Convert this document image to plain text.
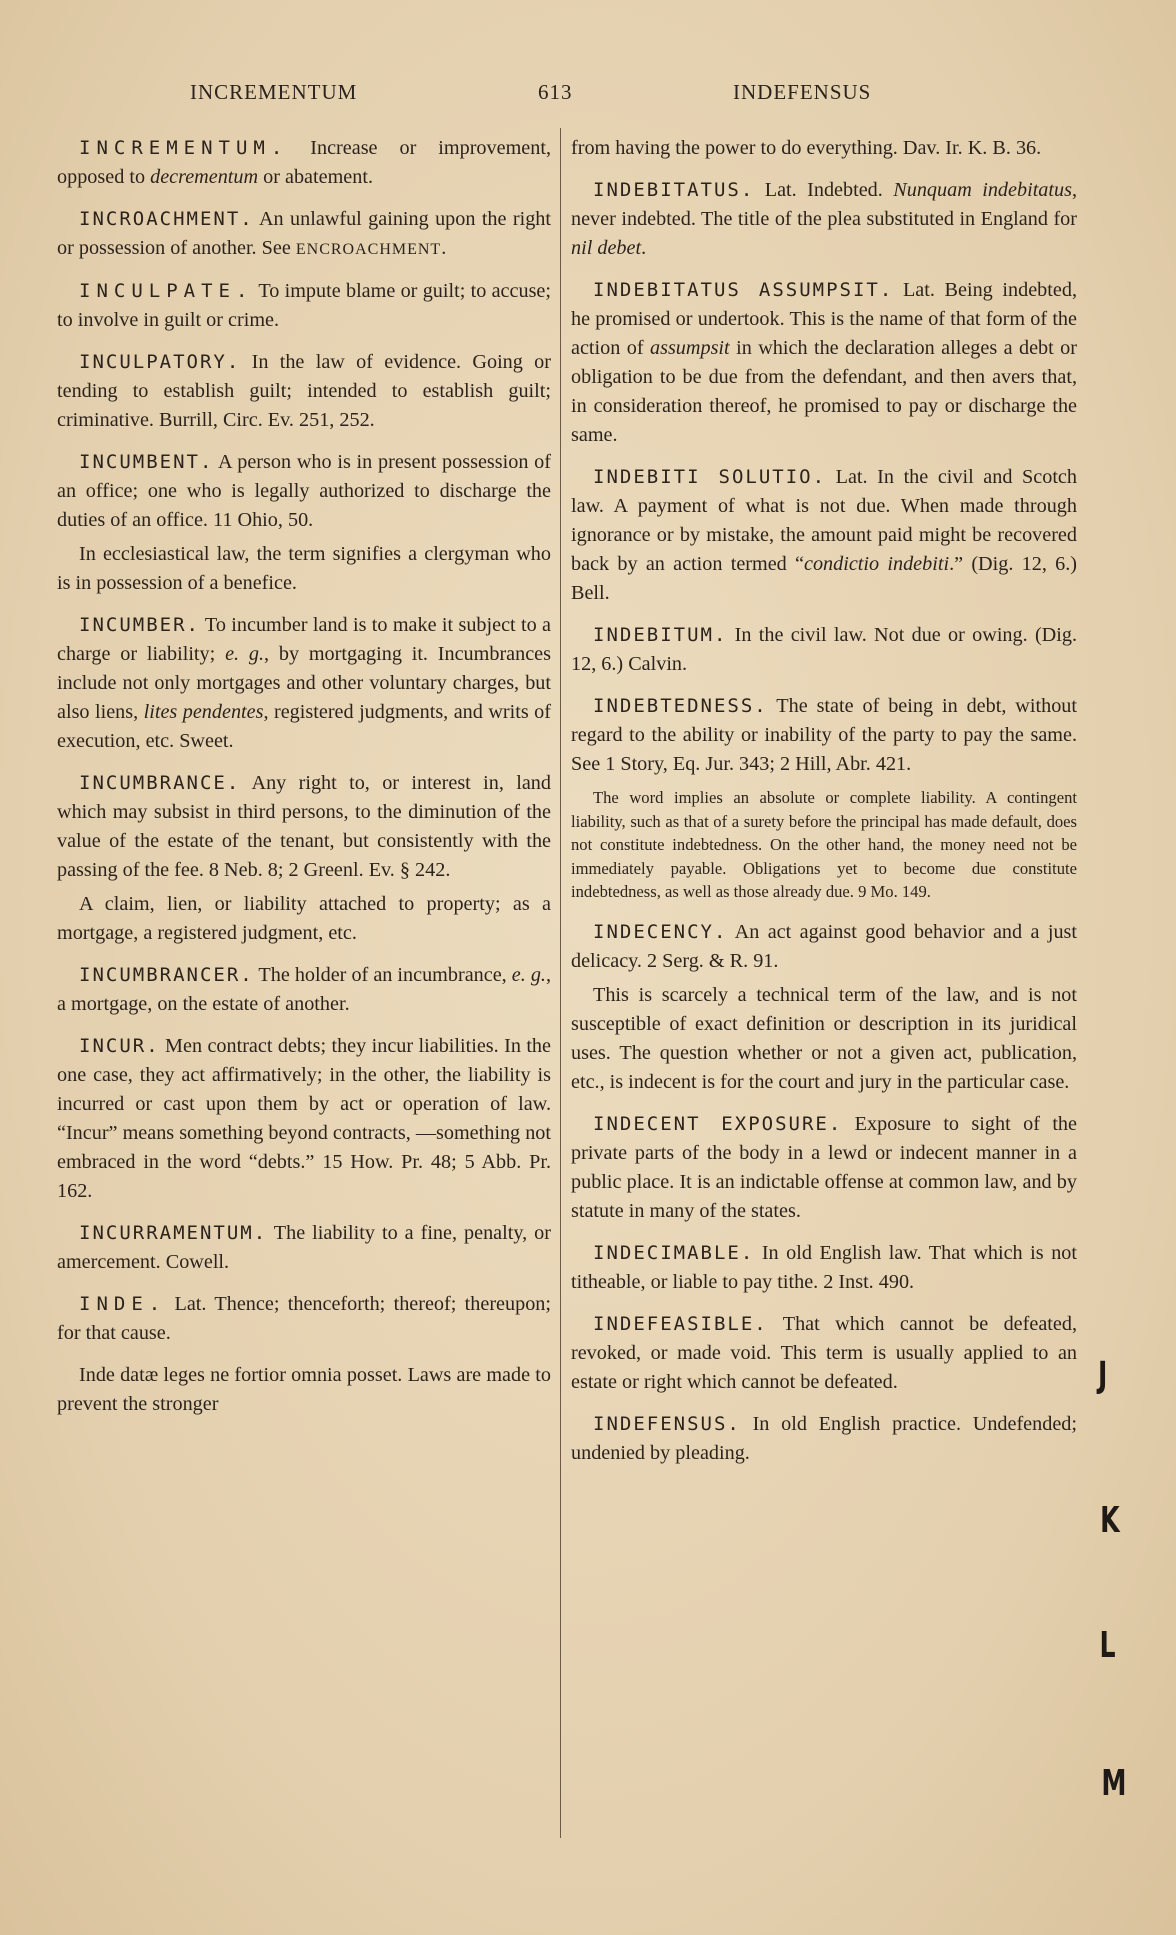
INCREMENTUM	613	INDEFENSUS

INCREMENTUM. Increase or improvement, opposed to decrementum or abatement.

INCROACHMENT. An unlawful gaining upon the right or possession of another. See ENCROACHMENT.

INCULPATE. To impute blame or guilt; to accuse; to involve in guilt or crime.

INCULPATORY. In the law of evidence. Going or tending to establish guilt; intended to establish guilt; criminative. Burrill, Circ. Ev. 251, 252.

INCUMBENT. A person who is in present possession of an office; one who is legally authorized to discharge the duties of an office. 11 Ohio, 50.

In ecclesiastical law, the term signifies a clergyman who is in possession of a benefice.

INCUMBER. To incumber land is to make it subject to a charge or liability; e. g., by mortgaging it. Incumbrances include not only mortgages and other voluntary charges, but also liens, lites pendentes, registered judgments, and writs of execution, etc. Sweet.

INCUMBRANCE. Any right to, or interest in, land which may subsist in third persons, to the diminution of the value of the estate of the tenant, but consistently with the passing of the fee. 8 Neb. 8; 2 Greenl. Ev. § 242.

A claim, lien, or liability attached to property; as a mortgage, a registered judgment, etc.

INCUMBRANCER. The holder of an incumbrance, e. g., a mortgage, on the estate of another.

INCUR. Men contract debts; they incur liabilities. In the one case, they act affirmatively; in the other, the liability is incurred or cast upon them by act or operation of law. “Incur” means something beyond contracts, —something not embraced in the word “debts.” 15 How. Pr. 48; 5 Abb. Pr. 162.

INCURRAMENTUM. The liability to a fine, penalty, or amercement. Cowell.

INDE. Lat. Thence; thenceforth; thereof; thereupon; for that cause.

Inde datæ leges ne fortior omnia posset. Laws are made to prevent the stronger

from having the power to do everything. Dav. Ir. K. B. 36.

INDEBITATUS. Lat. Indebted. Nunquam indebitatus, never indebted. The title of the plea substituted in England for nil debet.

INDEBITATUS ASSUMPSIT. Lat. Being indebted, he promised or undertook. This is the name of that form of the action of assumpsit in which the declaration alleges a debt or obligation to be due from the defendant, and then avers that, in consideration thereof, he promised to pay or discharge the same.

INDEBITI SOLUTIO. Lat. In the civil and Scotch law. A payment of what is not due. When made through ignorance or by mistake, the amount paid might be recovered back by an action termed “condictio indebiti.” (Dig. 12, 6.) Bell.

INDEBITUM. In the civil law. Not due or owing. (Dig. 12, 6.) Calvin.

INDEBTEDNESS. The state of being in debt, without regard to the ability or inability of the party to pay the same. See 1 Story, Eq. Jur. 343; 2 Hill, Abr. 421.

The word implies an absolute or complete liability. A contingent liability, such as that of a surety before the principal has made default, does not constitute indebtedness. On the other hand, the money need not be immediately payable. Obligations yet to become due constitute indebtedness, as well as those already due. 9 Mo. 149.

INDECENCY. An act against good behavior and a just delicacy. 2 Serg. & R. 91.

This is scarcely a technical term of the law, and is not susceptible of exact definition or description in its juridical uses. The question whether or not a given act, publication, etc., is indecent is for the court and jury in the particular case.

INDECENT EXPOSURE. Exposure to sight of the private parts of the body in a lewd or indecent manner in a public place. It is an indictable offense at common law, and by statute in many of the states.

INDECIMABLE. In old English law. That which is not titheable, or liable to pay tithe. 2 Inst. 490.

INDEFEASIBLE. That which cannot be defeated, revoked, or made void. This term is usually applied to an estate or right which cannot be defeated.

INDEFENSUS. In old English practice. Undefended; undenied by pleading.

J
K
L
M
